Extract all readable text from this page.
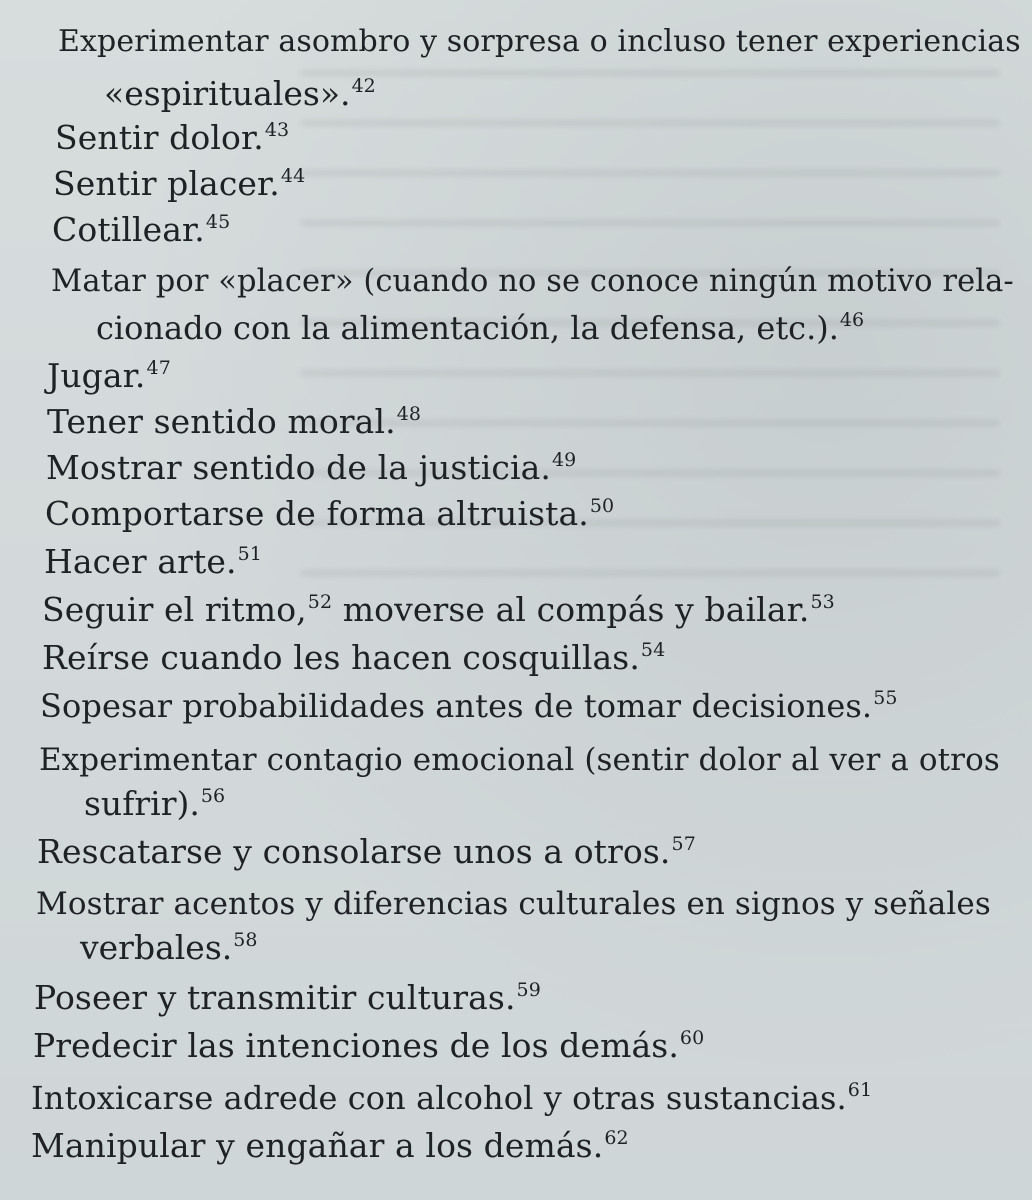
Experimentar asombro y sorpresa o incluso tener experiencias
«espirituales».$^{42}$
Sentir dolor.$^{43}$
Sentir placer.$^{44}$
Cotillear.$^{45}$
Matar por «placer» (cuando no se conoce ningún motivo rela-
cionado con la alimentación, la defensa, etc.).$^{46}$
Jugar.$^{47}$
Tener sentido moral.$^{48}$
Mostrar sentido de la justicia.$^{49}$
Comportarse de forma altruista.$^{50}$
Hacer arte.$^{51}$
Seguir el ritmo,$^{52}$ moverse al compás y bailar.$^{53}$
Reírse cuando les hacen cosquillas.$^{54}$
Sopesar probabilidades antes de tomar decisiones.$^{55}$
Experimentar contagio emocional (sentir dolor al ver a otros
sufrir).$^{56}$
Rescatarse y consolarse unos a otros.$^{57}$
Mostrar acentos y diferencias culturales en signos y señales
verbales.$^{58}$
Poseer y transmitir culturas.$^{59}$
Predecir las intenciones de los demás.$^{60}$
Intoxicarse adrede con alcohol y otras sustancias.$^{61}$
Manipular y engañar a los demás.$^{62}$
